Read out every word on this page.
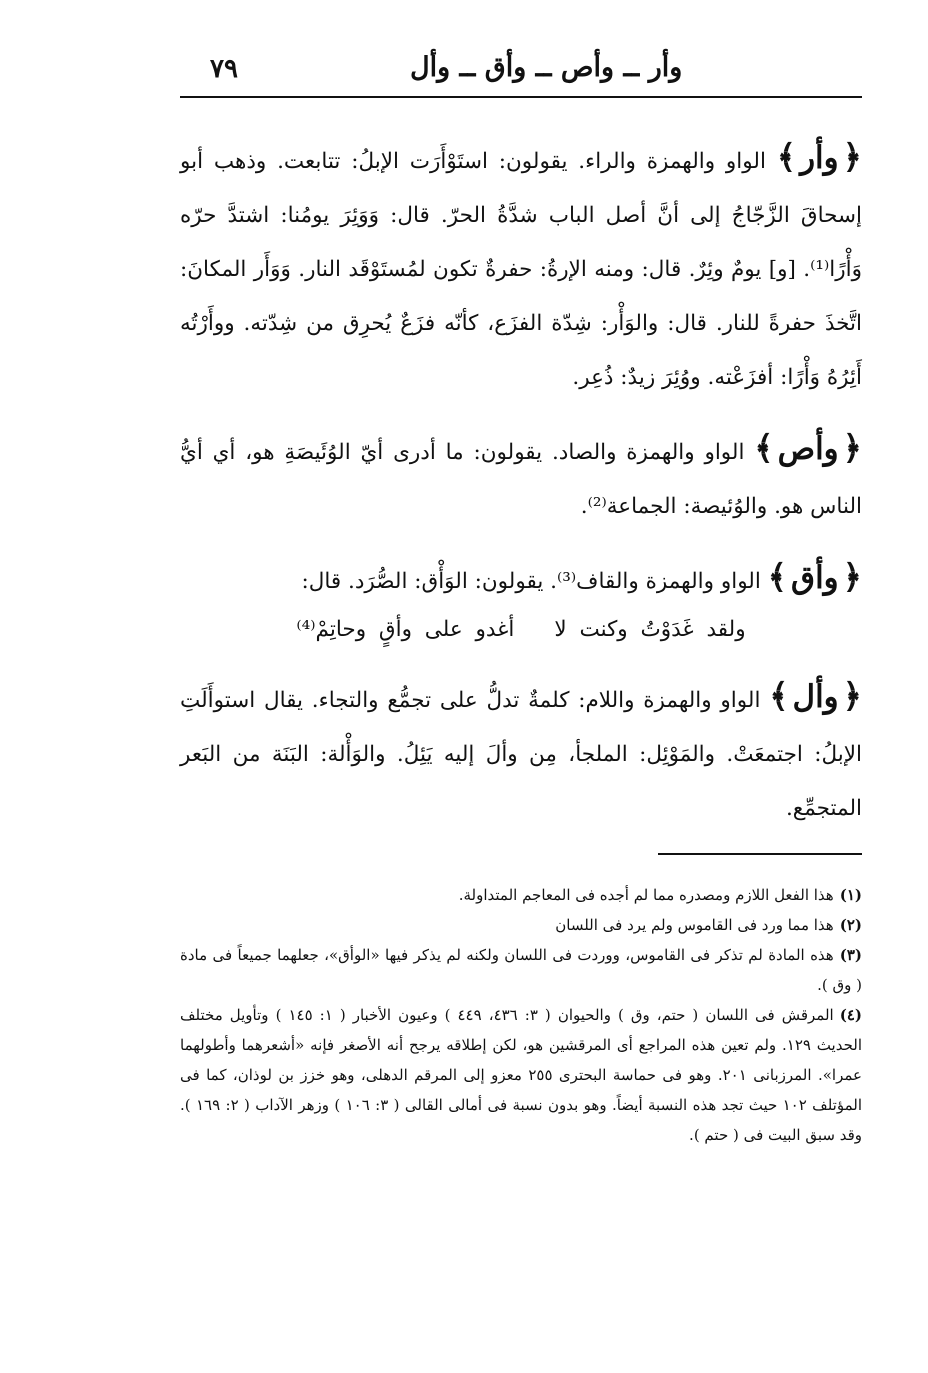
وأر ــ وأص ــ وأق ــ وأل
٧٩

﴿وأر﴾ الواو والهمزة والراء. يقولون: استَوْأَرَت الإبلُ: تتابعت. وذهب أبو إسحاقَ الزَّجّاجُ إلى أنَّ أصل الباب شدَّةُ الحرّ. قال: وَوَئِرَ يومُنا: اشتدَّ حرّه وَأْرًا⁽¹⁾. [و] يومٌ وئِرٌ. قال: ومنه الإرةُ: حفرةٌ تكون لمُستَوْقَد النار. وَوَأَر المكانَ: اتَّخذَ حفرةً للنار. قال: والوَأْر: شِدّة الفزَع، كأنّه فزَعٌ يُحرِق من شِدّته. ووأَرْتُه أَئِرُهُ وَأْرًا: أفزَعْته. ووُئِرَ زيدٌ: ذُعِر.

﴿وأص﴾ الواو والهمزة والصاد. يقولون: ما أدرى أيّ الوُئَيصَةِ هو، أي أيُّ الناس هو. والوُئيصة: الجماعة⁽²⁾.

﴿وأق﴾ الواو والهمزة والقاف⁽³⁾. يقولون: الوَأْق: الصُّرَد. قال:

ولقد غَدَوْتُ وكنت لاأغدو على وأقٍ وحاتِمْ⁽⁴⁾

﴿وأل﴾ الواو والهمزة واللام: كلمةٌ تدلُّ على تجمُّع والتجاء. يقال استوأَلَتِ الإبلُ: اجتمعَتْ. والمَوْئِل: الملجأ، مِن وألَ إليه يَئِلُ. والوَأْلة: البَنَة من البَعر المتجمِّع.

(١)هذا الفعل اللازم ومصدره مما لم أجده فى المعاجم المتداولة.

(٢)هذا مما ورد فى القاموس ولم يرد فى اللسان

(٣)هذه المادة لم تذكر فى القاموس، ووردت فى اللسان ولكنه لم يذكر فيها «الوأق»، جعلهما جميعاً فى مادة ( وق ).

(٤)المرقش فى اللسان ( حتم، وق ) والحيوان ( ٣: ٤٣٦، ٤٤٩ ) وعيون الأخبار ( ١: ١٤٥ ) وتأويل مختلف الحديث ١٢٩. ولم تعين هذه المراجع أى المرقشين هو، لكن إطلاقه يرجح أنه الأصغر فإنه «أشعرهما وأطولهما عمرا». المرزبانى ٢٠١. وهو فى حماسة البحترى ٢٥٥ معزو إلى المرقم الدهلى، وهو خزز بن لوذان، كما فى المؤتلف ١٠٢ حيث تجد هذه النسبة أيضاً. وهو بدون نسبة فى أمالى القالى ( ٣: ١٠٦ ) وزهر الآداب ( ٢: ١٦٩ ). وقد سبق البيت فى ( حتم ).
